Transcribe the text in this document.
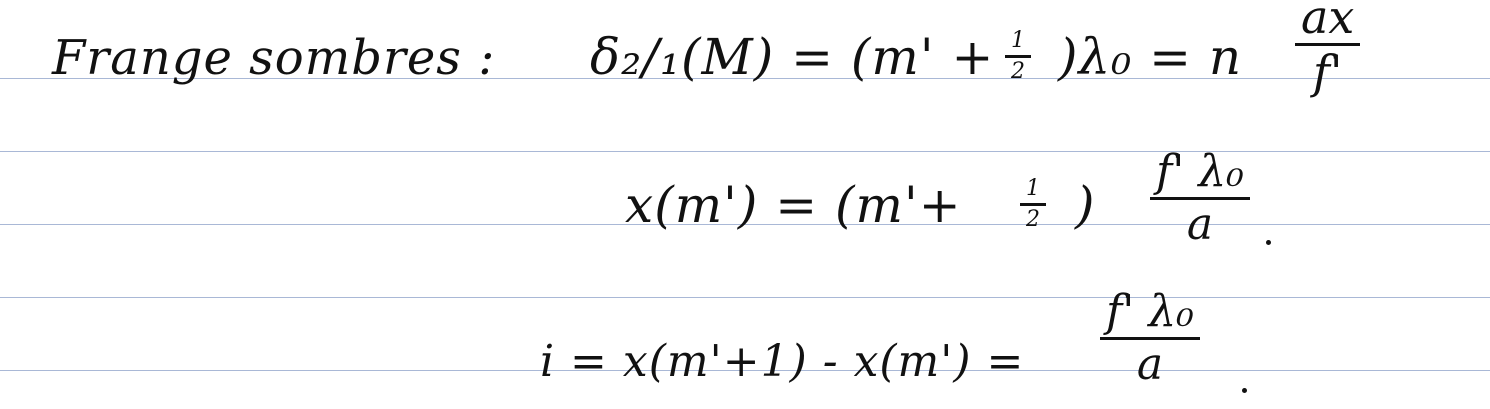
Frange sombres : δ₂/₁(M) = (m' + 1
2 )λ₀ = n
ax
f'
x(m') = (m'+	1
2 )
f' λ₀
a
i = x(m'+1) - x(m') =
f' λ₀
a
